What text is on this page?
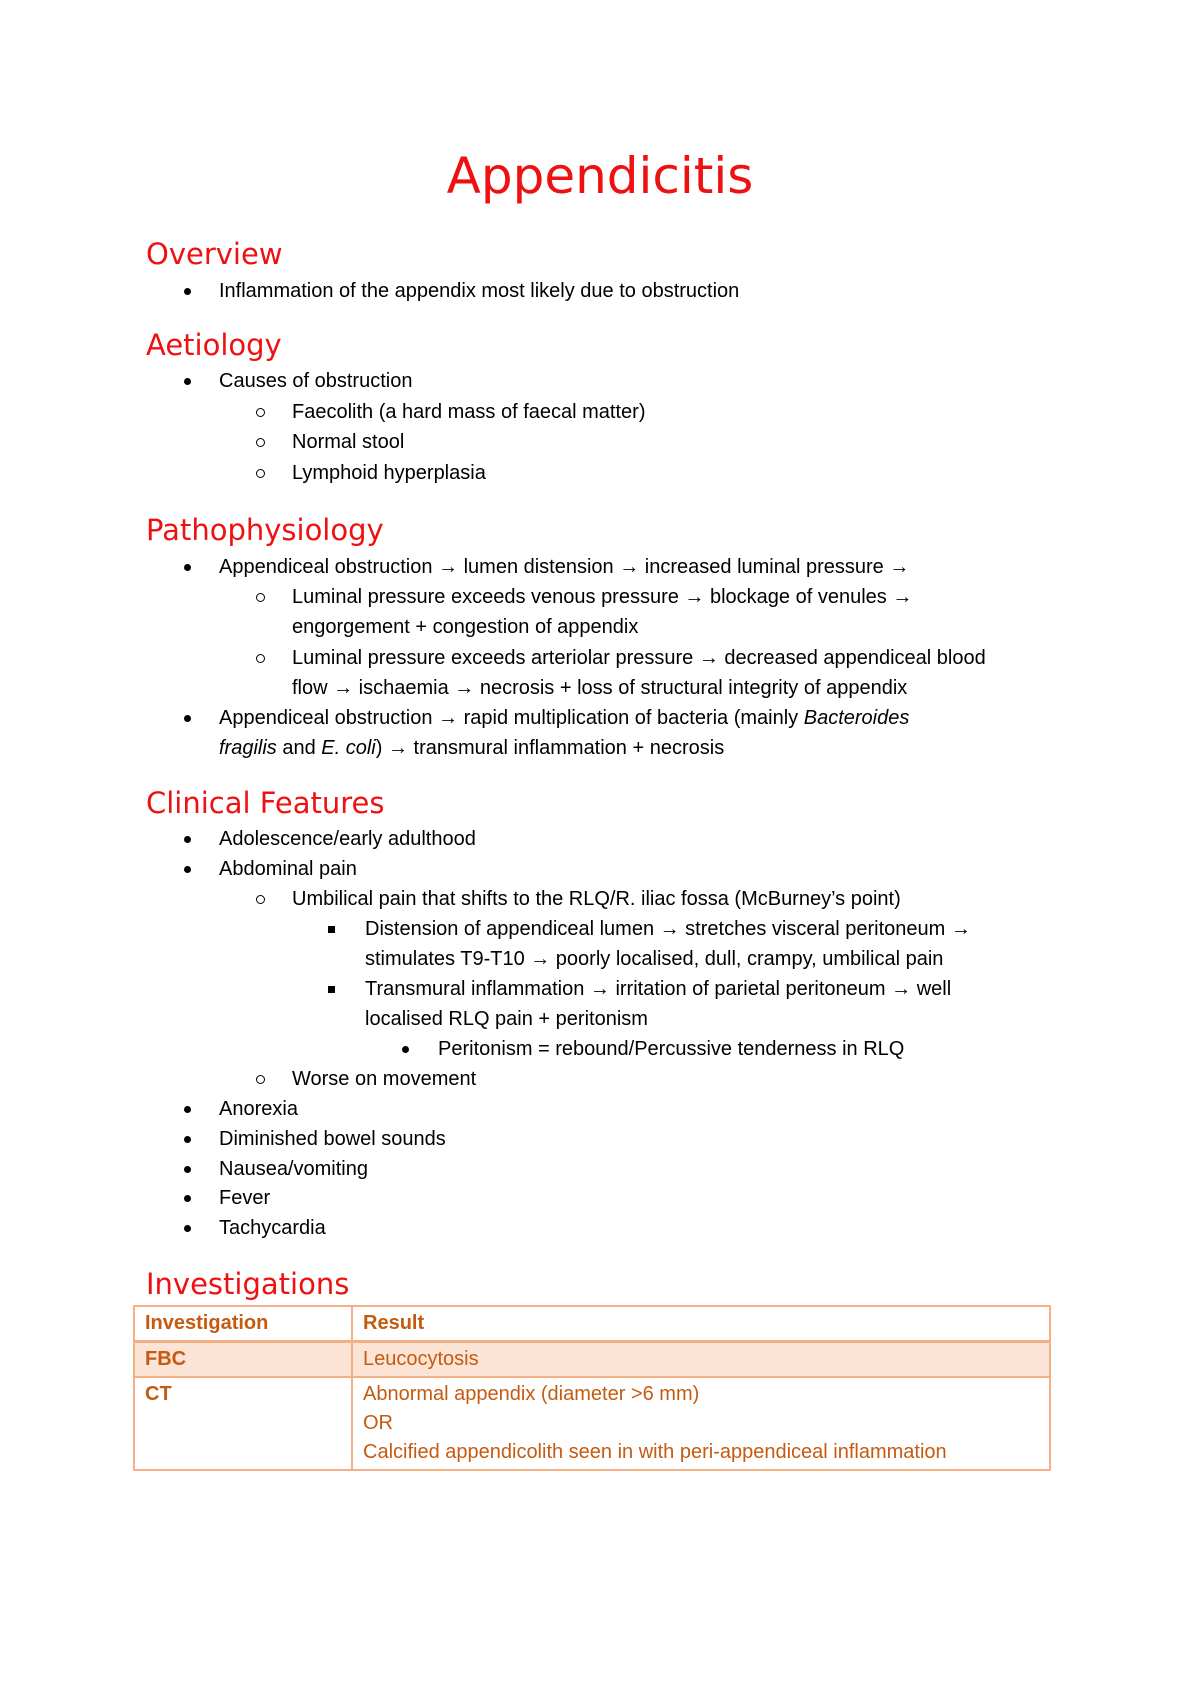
Appendicitis
Overview
Inflammation of the appendix most likely due to obstruction
Aetiology
Causes of obstruction
Faecolith (a hard mass of faecal matter)
Normal stool
Lymphoid hyperplasia
Pathophysiology
Appendiceal obstruction → lumen distension → increased luminal pressure →
Luminal pressure exceeds venous pressure → blockage of venules →
engorgement + congestion of appendix
Luminal pressure exceeds arteriolar pressure → decreased appendiceal blood
flow → ischaemia → necrosis + loss of structural integrity of appendix
Appendiceal obstruction → rapid multiplication of bacteria (mainly Bacteroides
fragilis and E. coli) → transmural inflammation + necrosis
Clinical Features
Adolescence/early adulthood
Abdominal pain
Umbilical pain that shifts to the RLQ/R. iliac fossa (McBurney’s point)
Distension of appendiceal lumen → stretches visceral peritoneum →
stimulates T9-T10 → poorly localised, dull, crampy, umbilical pain
Transmural inflammation → irritation of parietal peritoneum → well
localised RLQ pain + peritonism
Peritonism = rebound/Percussive tenderness in RLQ
Worse on movement
Anorexia
Diminished bowel sounds
Nausea/vomiting
Fever
Tachycardia
Investigations
Investigation	Result
FBC	Leucocytosis
CT	Abnormal appendix (diameter >6 mm)
OR
Calcified appendicolith seen in with peri-appendiceal inflammation
